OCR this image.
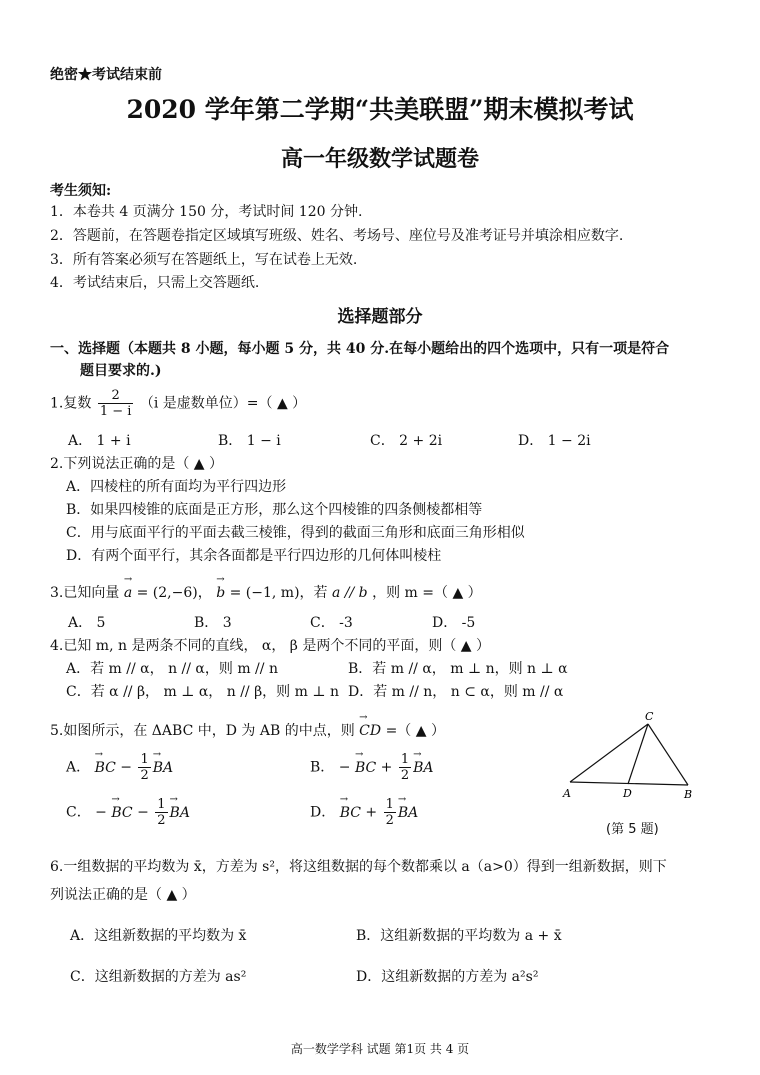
绝密★考试结束前
2020 学年第二学期“共美联盟”期末模拟考试
高一年级数学试题卷
考生须知:
1．本卷共 4 页满分 150 分，考试时间 120 分钟.
2．答题前，在答题卷指定区域填写班级、姓名、考场号、座位号及准考证号并填涂相应数字.
3．所有答案必须写在答题纸上，写在试卷上无效.
4．考试结束后，只需上交答题纸.
选择题部分
一、选择题（本题共 8 小题，每小题 5 分，共 40 分.在每小题给出的四个选项中，只有一项是符合
题目要求的.)
1.复数 $\frac{2}{1 - i} (i$ 是虚数单位）=（ ▲ ）
A． 1 + i	B． 1 − i	C． 2 + 2i	D． 1 − 2i
2.下列说法正确的是（ ▲ ）
A．四棱柱的所有面均为平行四边形
B．如果四棱锥的底面是正方形，那么这个四棱锥的四条侧棱都相等
C．用与底面平行的平面去截三棱锥，得到的截面三角形和底面三角形相似
D．有两个面平行，其余各面都是平行四边形的几何体叫棱柱
3.已知向量 → a = (2,−6)， → b = (−1, m)，若 a // b ，则 m =（ ▲ ）
A． 5	B． 3	C． -3	D． -5
4.已知 m, n 是两条不同的直线， α， β 是两个不同的平面，则（ ▲ ）
A．若 m // α， n // α，则 m // n	B．若 m // α， m ⊥ n，则 n ⊥ α
C．若 α // β， m ⊥ α， n // β，则 m ⊥ n D．若 m // n， n ⊂ α，则 m // α
5.如图所示，在 ΔABC 中，D 为 AB 的中点，则 → CD =（ ▲ ）
A． → BC − $\frac{1}{2}$ → BA	B． − → BC + $\frac{1}{2}$ → BA
C． − → BC − $\frac{1}{2}$ → BA	D． → BC + $\frac{1}{2}$ → BA
A	D	B
C
(第 5 题)
6.一组数据的平均数为 x̄，方差为 s²，将这组数据的每个数都乘以 a（a>0）得到一组新数据，则下
列说法正确的是（ ▲ ）
A．这组新数据的平均数为 x̄	B．这组新数据的平均数为 a + x̄
C．这组新数据的方差为 as²	D．这组新数据的方差为 a²s²
高一数学学科 试题 第1页 共 4 页
